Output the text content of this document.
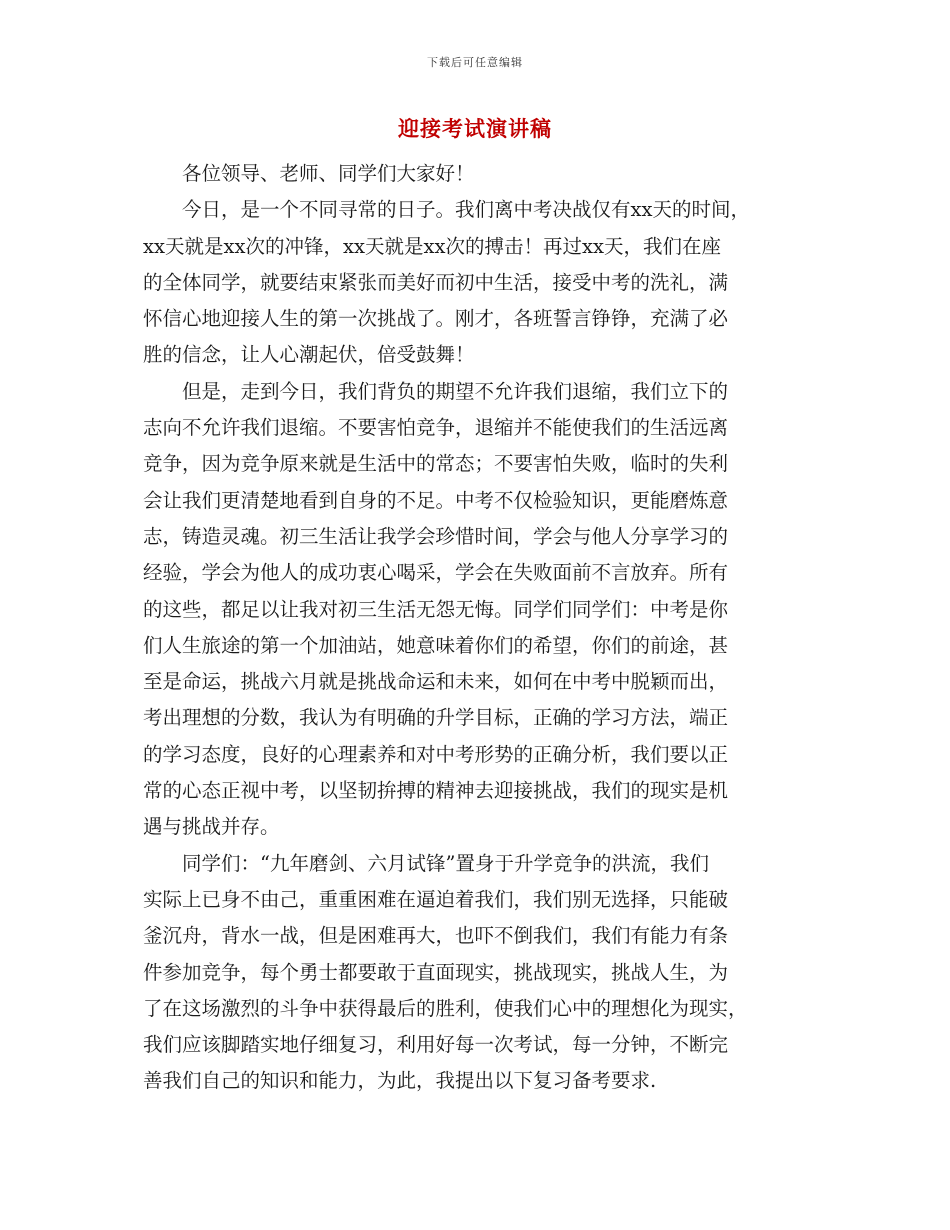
下载后可任意编辑
迎接考试演讲稿
　　各位领导、老师、同学们大家好！
　　今日，是一个不同寻常的日子。我们离中考决战仅有xx天的时间，
xx天就是xx次的冲锋，xx天就是xx次的搏击！再过xx天，我们在座
的全体同学，就要结束紧张而美好而初中生活，接受中考的洗礼，满
怀信心地迎接人生的第一次挑战了。刚才，各班誓言铮铮，充满了必
胜的信念，让人心潮起伏，倍受鼓舞！
　　但是，走到今日，我们背负的期望不允许我们退缩，我们立下的
志向不允许我们退缩。不要害怕竞争，退缩并不能使我们的生活远离
竞争，因为竞争原来就是生活中的常态；不要害怕失败，临时的失利
会让我们更清楚地看到自身的不足。中考不仅检验知识，更能磨炼意
志，铸造灵魂。初三生活让我学会珍惜时间，学会与他人分享学习的
经验，学会为他人的成功衷心喝采，学会在失败面前不言放弃。所有
的这些，都足以让我对初三生活无怨无悔。同学们同学们：中考是你
们人生旅途的第一个加油站，她意味着你们的希望，你们的前途，甚
至是命运，挑战六月就是挑战命运和未来，如何在中考中脱颖而出，
考出理想的分数，我认为有明确的升学目标，正确的学习方法，端正
的学习态度，良好的心理素养和对中考形势的正确分析，我们要以正
常的心态正视中考，以坚韧拚搏的精神去迎接挑战，我们的现实是机
遇与挑战并存。
　　同学们：“九年磨剑、六月试锋”置身于升学竞争的洪流，我们
实际上已身不由己，重重困难在逼迫着我们，我们别无选择，只能破
釜沉舟，背水一战，但是困难再大，也吓不倒我们，我们有能力有条
件参加竞争，每个勇士都要敢于直面现实，挑战现实，挑战人生，为
了在这场激烈的斗争中获得最后的胜利，使我们心中的理想化为现实，
我们应该脚踏实地仔细复习，利用好每一次考试，每一分钟，不断完
善我们自己的知识和能力，为此，我提出以下复习备考要求.
